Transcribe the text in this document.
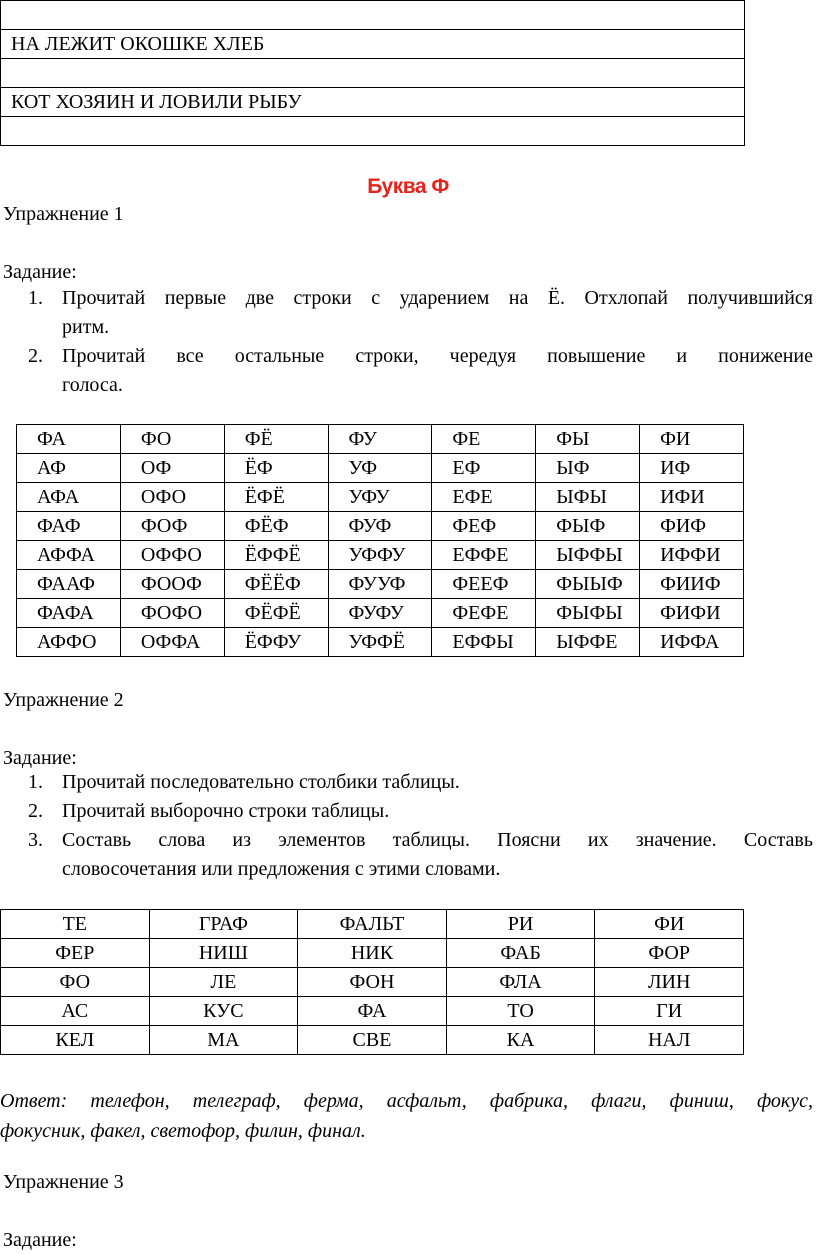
НА ЛЕЖИТ ОКОШКЕ ХЛЕБ

КОТ ХОЗЯИН И ЛОВИЛИ РЫБУ

Буква Ф
Упражнение 1
Задание:
1. Прочитай первые две строки с ударением на Ё. Отхлопай получившийся
ритм.
2. Прочитай все остальные строки, чередуя повышение и понижение
голоса.
ФА	ФО	ФЁ	ФУ	ФЕ	ФЫ	ФИ
АФ	ОФ	ЁФ	УФ	ЕФ	ЫФ	ИФ
АФА	ОФО	ЁФЁ	УФУ	ЕФЕ	ЫФЫ	ИФИ
ФАФ	ФОФ	ФЁФ	ФУФ	ФЕФ	ФЫФ	ФИФ
АФФА	ОФФО	ЁФФЁ	УФФУ	ЕФФЕ	ЫФФЫ	ИФФИ
ФААФ	ФООФ	ФЁЁФ	ФУУФ	ФЕЕФ	ФЫЫФ	ФИИФ
ФАФА	ФОФО	ФЁФЁ	ФУФУ	ФЕФЕ	ФЫФЫ	ФИФИ
АФФО	ОФФА	ЁФФУ	УФФЁ	ЕФФЫ	ЫФФЕ	ИФФА
Упражнение 2
Задание:
1. Прочитай последовательно столбики таблицы.
2. Прочитай выборочно строки таблицы.
3. Составь слова из элементов таблицы. Поясни их значение. Составь
словосочетания или предложения с этими словами.
ТЕ	ГРАФ	ФАЛЬТ	РИ	ФИ
ФЕР	НИШ	НИК	ФАБ	ФОР
ФО	ЛЕ	ФОН	ФЛА	ЛИН
АС	КУС	ФА	ТО	ГИ
КЕЛ	МА	СВЕ	КА	НАЛ
Ответ: телефон, телеграф, ферма, асфальт, фабрика, флаги, финиш, фокус,
фокусник, факел, светофор, филин, финал.
Упражнение 3
Задание:
